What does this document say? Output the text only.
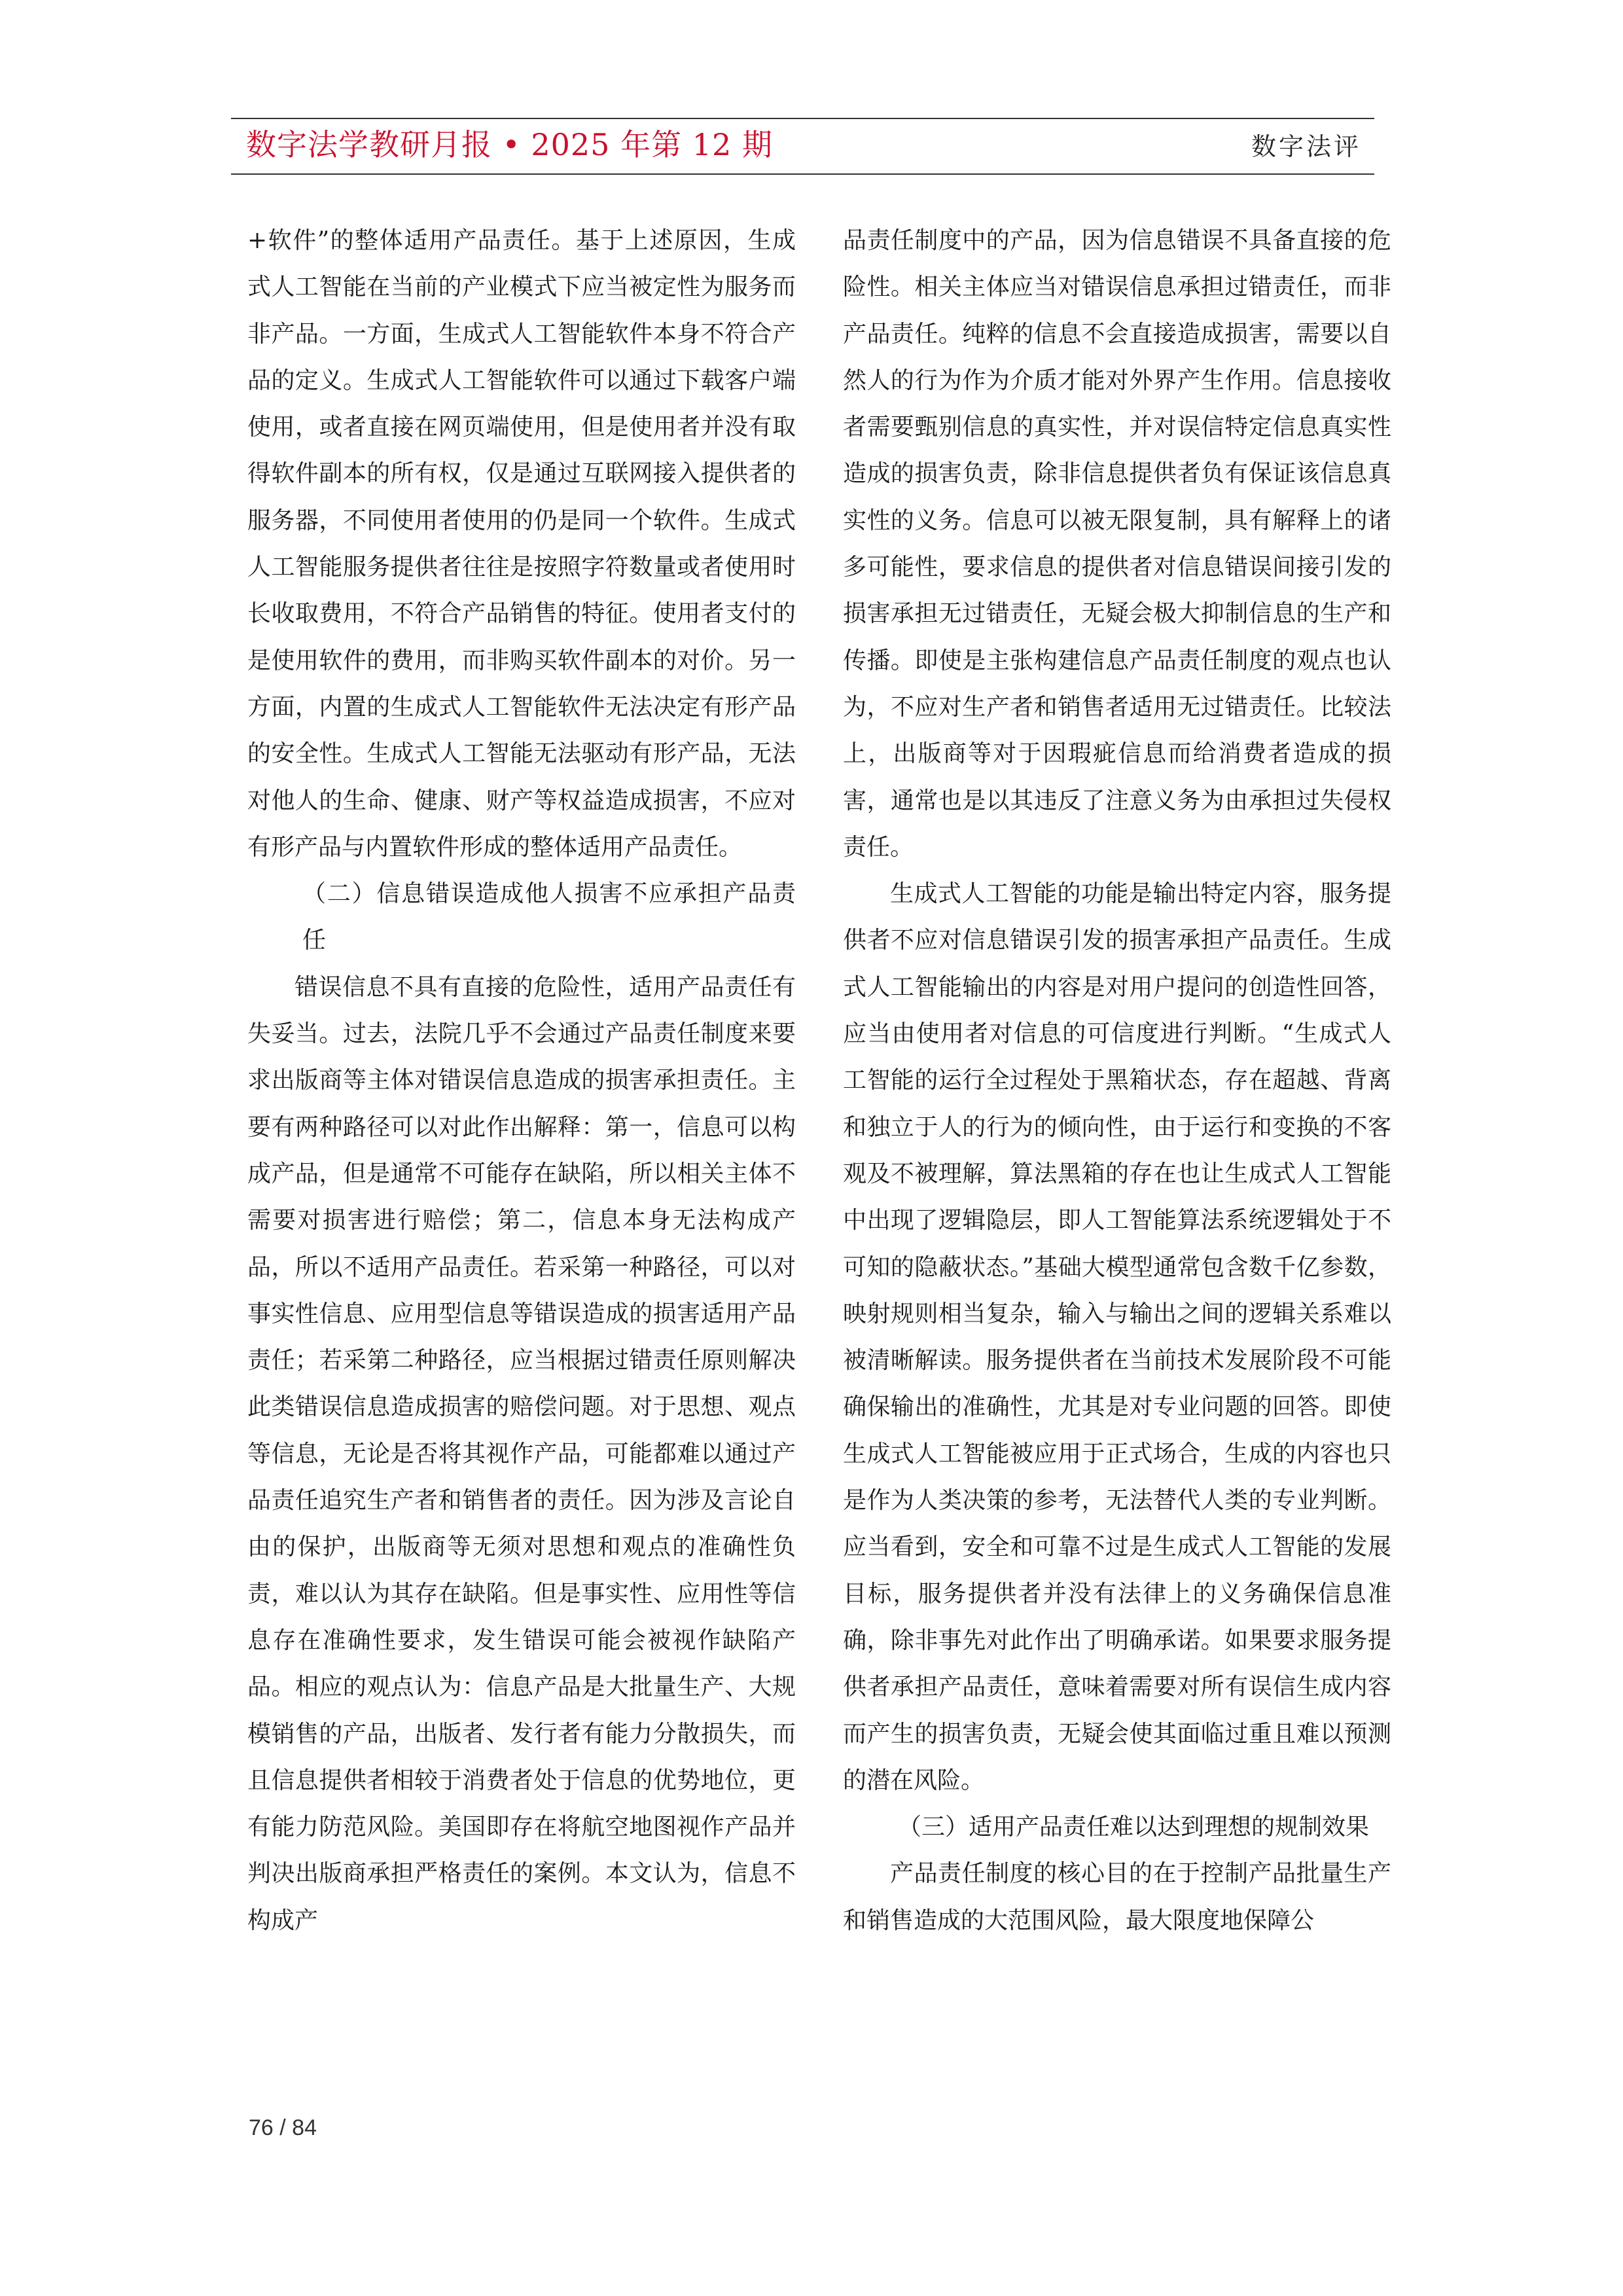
数字法学教研月报 • 2025 年第 12 期	数字法评

+软件”的整体适用产品责任。基于上述原因，生成式人工智能在当前的产业模式下应当被定性为服务而非产品。一方面，生成式人工智能软件本身不符合产品的定义。生成式人工智能软件可以通过下载客户端使用，或者直接在网页端使用，但是使用者并没有取得软件副本的所有权，仅是通过互联网接入提供者的服务器，不同使用者使用的仍是同一个软件。生成式人工智能服务提供者往往是按照字符数量或者使用时长收取费用，不符合产品销售的特征。使用者支付的是使用软件的费用，而非购买软件副本的对价。另一方面，内置的生成式人工智能软件无法决定有形产品的安全性。生成式人工智能无法驱动有形产品，无法对他人的生命、健康、财产等权益造成损害，不应对有形产品与内置软件形成的整体适用产品责任。

（二）信息错误造成他人损害不应承担产品责任

错误信息不具有直接的危险性，适用产品责任有失妥当。过去，法院几乎不会通过产品责任制度来要求出版商等主体对错误信息造成的损害承担责任。主要有两种路径可以对此作出解释：第一，信息可以构成产品，但是通常不可能存在缺陷，所以相关主体不需要对损害进行赔偿；第二，信息本身无法构成产品，所以不适用产品责任。若采第一种路径，可以对事实性信息、应用型信息等错误造成的损害适用产品责任；若采第二种路径，应当根据过错责任原则解决此类错误信息造成损害的赔偿问题。对于思想、观点等信息，无论是否将其视作产品，可能都难以通过产品责任追究生产者和销售者的责任。因为涉及言论自由的保护，出版商等无须对思想和观点的准确性负责，难以认为其存在缺陷。但是事实性、应用性等信息存在准确性要求，发生错误可能会被视作缺陷产品。相应的观点认为：信息产品是大批量生产、大规模销售的产品，出版者、发行者有能力分散损失，而且信息提供者相较于消费者处于信息的优势地位，更有能力防范风险。美国即存在将航空地图视作产品并判决出版商承担严格责任的案例。本文认为，信息不构成产

品责任制度中的产品，因为信息错误不具备直接的危险性。相关主体应当对错误信息承担过错责任，而非产品责任。纯粹的信息不会直接造成损害，需要以自然人的行为作为介质才能对外界产生作用。信息接收者需要甄别信息的真实性，并对误信特定信息真实性造成的损害负责，除非信息提供者负有保证该信息真实性的义务。信息可以被无限复制，具有解释上的诸多可能性，要求信息的提供者对信息错误间接引发的损害承担无过错责任，无疑会极大抑制信息的生产和传播。即使是主张构建信息产品责任制度的观点也认为，不应对生产者和销售者适用无过错责任。比较法上，出版商等对于因瑕疵信息而给消费者造成的损害，通常也是以其违反了注意义务为由承担过失侵权责任。

生成式人工智能的功能是输出特定内容，服务提供者不应对信息错误引发的损害承担产品责任。生成式人工智能输出的内容是对用户提问的创造性回答，应当由使用者对信息的可信度进行判断。“生成式人工智能的运行全过程处于黑箱状态，存在超越、背离和独立于人的行为的倾向性，由于运行和变换的不客观及不被理解，算法黑箱的存在也让生成式人工智能中出现了逻辑隐层，即人工智能算法系统逻辑处于不可知的隐蔽状态。”基础大模型通常包含数千亿参数，映射规则相当复杂，输入与输出之间的逻辑关系难以被清晰解读。服务提供者在当前技术发展阶段不可能确保输出的准确性，尤其是对专业问题的回答。即使生成式人工智能被应用于正式场合，生成的内容也只是作为人类决策的参考，无法替代人类的专业判断。应当看到，安全和可靠不过是生成式人工智能的发展目标，服务提供者并没有法律上的义务确保信息准确，除非事先对此作出了明确承诺。如果要求服务提供者承担产品责任，意味着需要对所有误信生成内容而产生的损害负责，无疑会使其面临过重且难以预测的潜在风险。

（三）适用产品责任难以达到理想的规制效果

产品责任制度的核心目的在于控制产品批量生产和销售造成的大范围风险，最大限度地保障公

76 / 84
